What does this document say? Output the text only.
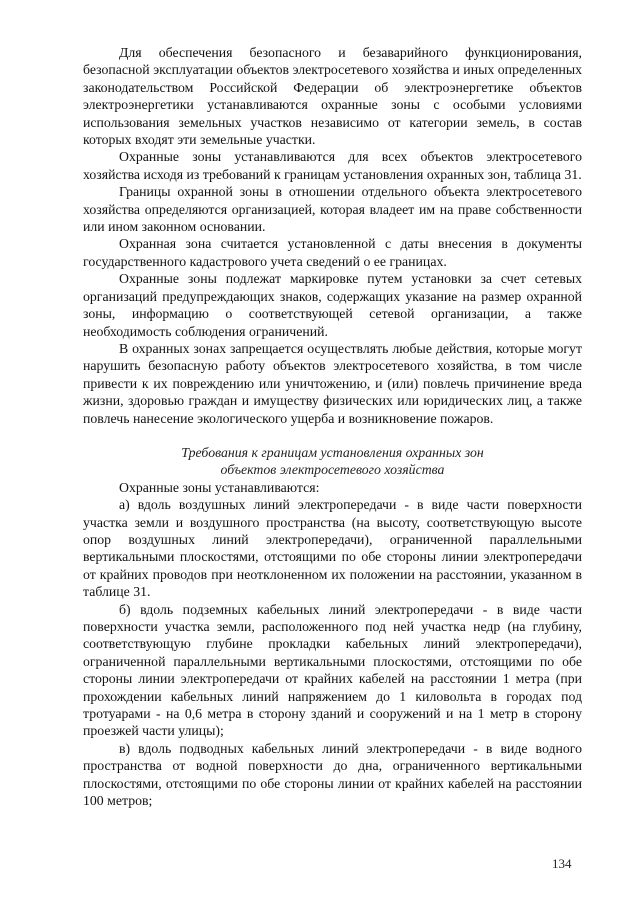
Для обеспечения безопасного и безаварийного функционирования, безопасной эксплуатации объектов электросетевого хозяйства и иных определенных законодательством Российской Федерации об электроэнергетике объектов электроэнергетики устанавливаются охранные зоны с особыми условиями использования земельных участков независимо от категории земель, в состав которых входят эти земельные участки.

Охранные зоны устанавливаются для всех объектов электросетевого хозяйства исходя из требований к границам установления охранных зон, таблица 31.

Границы охранной зоны в отношении отдельного объекта электросетевого хозяйства определяются организацией, которая владеет им на праве собственности или ином законном основании.

Охранная зона считается установленной с даты внесения в документы государственного кадастрового учета сведений о ее границах.

Охранные зоны подлежат маркировке путем установки за счет сетевых организаций предупреждающих знаков, содержащих указание на размер охранной зоны, информацию о соответствующей сетевой организации, а также необходимость соблюдения ограничений.

В охранных зонах запрещается осуществлять любые действия, которые могут нарушить безопасную работу объектов электросетевого хозяйства, в том числе привести к их повреждению или уничтожению, и (или) повлечь причинение вреда жизни, здоровью граждан и имуществу физических или юридических лиц, а также повлечь нанесение экологического ущерба и возникновение пожаров.

Требования к границам установления охранных зон
объектов электросетевого хозяйства

Охранные зоны устанавливаются:

а) вдоль воздушных линий электропередачи - в виде части поверхности участка земли и воздушного пространства (на высоту, соответствующую высоте опор воздушных линий электропередачи), ограниченной параллельными вертикальными плоскостями, отстоящими по обе стороны линии электропередачи от крайних проводов при неотклоненном их положении на расстоянии, указанном в таблице 31.

б) вдоль подземных кабельных линий электропередачи - в виде части поверхности участка земли, расположенного под ней участка недр (на глубину, соответствующую глубине прокладки кабельных линий электропередачи), ограниченной параллельными вертикальными плоскостями, отстоящими по обе стороны линии электропередачи от крайних кабелей на расстоянии 1 метра (при прохождении кабельных линий напряжением до 1 киловольта в городах под тротуарами - на 0,6 метра в сторону зданий и сооружений и на 1 метр в сторону проезжей части улицы);

в) вдоль подводных кабельных линий электропередачи - в виде водного пространства от водной поверхности до дна, ограниченного вертикальными плоскостями, отстоящими по обе стороны линии от крайних кабелей на расстоянии 100 метров;

134
